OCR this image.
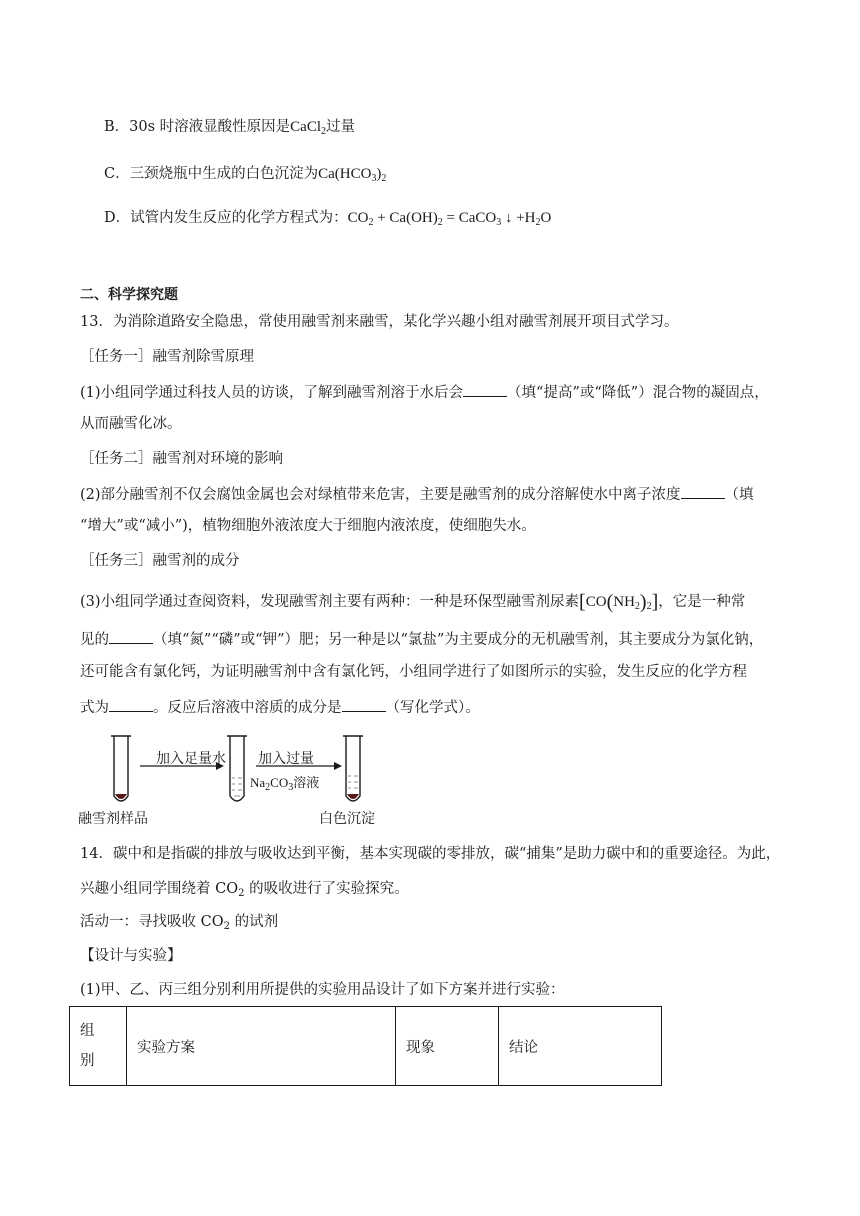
B．30s 时溶液显酸性原因是CaCl$_2$过量
C．三颈烧瓶中生成的白色沉淀为$Ca(HCO_3)_2$
D．试管内发生反应的化学方程式为：$CO_2 + Ca(OH)_2$ = CaCO$_3$ ↓ $+H_2O$
二、科学探究题
13．为消除道路安全隐患，常使用融雪剂来融雪，某化学兴趣小组对融雪剂展开项目式学习。
［任务一］融雪剂除雪原理
(1)小组同学通过科技人员的访谈，了解到融雪剂溶于水后会	（填“提高”或“降低”）混合物的凝固点，
从而融雪化冰。
［任务二］融雪剂对环境的影响
(2)部分融雪剂不仅会腐蚀金属也会对绿植带来危害，主要是融雪剂的成分溶解使水中离子浓度	（填
“增大”或“减小”)，植物细胞外液浓度大于细胞内液浓度，使细胞失水。
［任务三］融雪剂的成分
(3)小组同学通过查阅资料，发现融雪剂主要有两种：一种是环保型融雪剂尿素$[CO(NH_2)_2]$，它是一种常
见的	（填“氮”“磷”或“钾”）肥；另一种是以“氯盐”为主要成分的无机融雪剂，其主要成分为氯化钠，
还可能含有氯化钙，为证明融雪剂中含有氯化钙，小组同学进行了如图所示的实验，发生反应的化学方程
式为	。反应后溶液中溶质的成分是	（写化学式）。
加入足量水 加入过量
$Na_2CO_3$溶液
融雪剂样品	白色沉淀
14．碳中和是指碳的排放与吸收达到平衡，基本实现碳的零排放，碳“捕集”是助力碳中和的重要途径。为此，
兴趣小组同学围绕着 $CO_2$ 的吸收进行了实验探究。
活动一：寻找吸收 $CO_2$ 的试剂
【设计与实验】
(1)甲、乙、丙三组分别利用所提供的实验用品设计了如下方案并进行实验：
组
别
	实验方案	现象	结论
